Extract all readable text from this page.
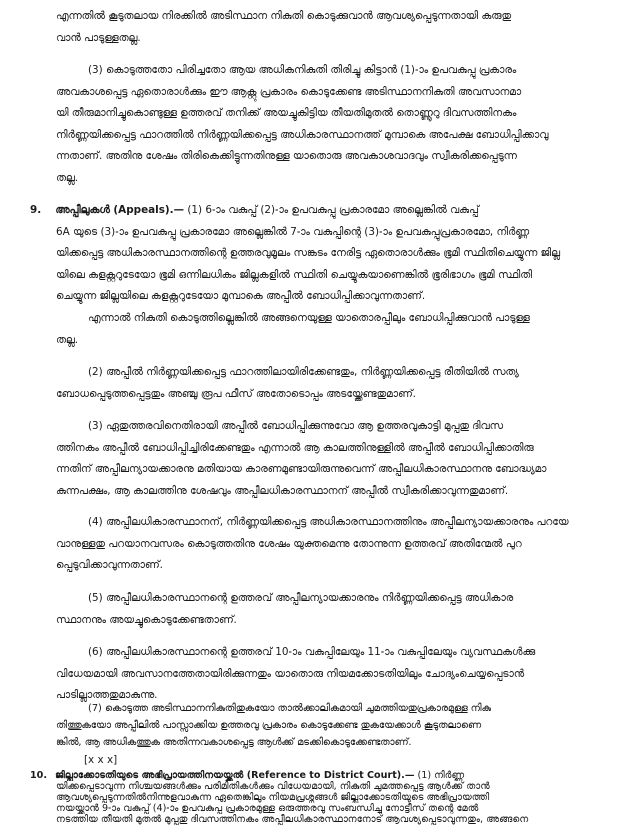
എന്നതിൽ കൂടുതലായ നിരക്കിൽ അടിസ്ഥാന നികുതി കൊടുക്കുവാൻ ആവശ്യപ്പെടുന്നതായി കരുതു
വാൻ പാടുള്ളതല്ല.
(3) കൊടുത്തതോ പിരിച്ചതോ ആയ അധികനികുതി തിരിച്ചു കിട്ടാൻ (1)-ാം ഉപവകുപ്പു പ്രകാരം
അവകാശപ്പെട്ട ഏതൊരാൾക്കും ഈ ആക്റ്റു പ്രകാരം കൊടുക്കേണ്ട അടിസ്ഥാനനികുതി അവസാനമാ
യി തീരുമാനിച്ചുകൊണ്ടുള്ള ഉത്തരവ് തനിക്ക് അയച്ചുകിട്ടിയ തീയതിമുതൽ തൊണ്ണൂറു ദിവസത്തിനകം
നിർണ്ണയിക്കപ്പെട്ട ഫാറത്തിൽ നിർണ്ണയിക്കപ്പെട്ട അധികാരസ്ഥാനത്ത് മുമ്പാകെ അപേക്ഷ ബോധിപ്പിക്കാവു
ന്നതാണ്. അതിനു ശേഷം തിരികെക്കിട്ടുന്നതിനുള്ള യാതൊരു അവകാശവാദവും സ്വീകരിക്കപ്പെടുന്ന
തല്ല.
9. അപ്പീലുകൾ (Appeals).— (1) 6-ാം വകുപ്പ് (2)-ാം ഉപവകുപ്പു പ്രകാരമോ അല്ലെങ്കിൽ വകുപ്പ്
6A യുടെ (3)-ാം ഉപവകുപ്പു പ്രകാരമോ അല്ലെങ്കിൽ 7-ാം വകുപ്പിന്റെ (3)-ാം ഉപവകുപ്പുപ്രകാരമോ, നിർണ്ണ
യിക്കപ്പെട്ട അധികാരസ്ഥാനത്തിന്റെ ഉത്തരവുമൂലം സങ്കടം നേരിട്ട ഏതൊരാൾക്കും ഭൂമി സ്ഥിതിചെയ്യുന്ന ജില്ല
യിലെ കളക്റ്ററുടേയോ ഭൂമി ഒന്നിലധികം ജില്ലകളിൽ സ്ഥിതി ചെയ്യുകയാണെങ്കിൽ ഭൂരിഭാഗം ഭൂമി സ്ഥിതി
ചെയ്യുന്ന ജില്ലയിലെ കളക്റ്ററുടേയോ മുമ്പാകെ അപ്പീൽ ബോധിപ്പിക്കാവുന്നതാണ്.
എന്നാൽ നികുതി കൊടുത്തില്ലെങ്കിൽ അങ്ങനെയുള്ള യാതൊരപ്പീലും ബോധിപ്പിക്കുവാൻ പാടുള്ള
തല്ല.
(2) അപ്പീൽ നിർണ്ണയിക്കപ്പെട്ട ഫാറത്തിലായിരിക്കേണ്ടതും, നിർണ്ണയിക്കപ്പെട്ട രീതിയിൽ സത്യ
ബോധപ്പെടുത്തപ്പെട്ടതും അഞ്ചു രൂപ ഫീസ് അതോടൊപ്പം അടയ്ക്കേണ്ടതുമാണ്.
(3) ഏതുത്തരവിനെതിരായി അപ്പീൽ ബോധിപ്പിക്കുന്നുവോ ആ ഉത്തരവുകാട്ടി മുപ്പതു ദിവസ
ത്തിനകം അപ്പീൽ ബോധിപ്പിച്ചിരിക്കേണ്ടതും എന്നാൽ ആ കാലത്തിനുള്ളിൽ അപ്പീൽ ബോധിപ്പിക്കാതിരു
ന്നതിന് അപ്പീലന്യായക്കാരനു മതിയായ കാരണമുണ്ടായിരുന്നുവെന്ന് അപ്പീലധികാരസ്ഥാനനു ബോദ്ധ്യമാ
കുന്നപക്ഷം, ആ കാലത്തിനു ശേഷവും അപ്പീലധികാരസ്ഥാനന് അപ്പീൽ സ്വീകരിക്കാവുന്നതുമാണ്.
(4) അപ്പീലധികാരസ്ഥാനന്, നിർണ്ണയിക്കപ്പെട്ട അധികാരസ്ഥാനത്തിനും അപ്പീലന്യായക്കാരനും പറയേ
വാനുള്ളതു പറയാനവസരം കൊടുത്തതിനു ശേഷം യുക്തമെന്നു തോന്നുന്ന ഉത്തരവ് അതിന്മേൽ പുറ
പ്പെടുവിക്കാവുന്നതാണ്.
(5) അപ്പീലധികാരസ്ഥാനന്റെ ഉത്തരവ് അപ്പീലന്യായക്കാരനും നിർണ്ണയിക്കപ്പെട്ട അധികാര
സ്ഥാനനും അയച്ചുകൊടുക്കേണ്ടതാണ്.
(6) അപ്പീലധികാരസ്ഥാനന്റെ ഉത്തരവ് 10-ാം വകുപ്പിലേയും 11-ാം വകുപ്പിലേയും വ്യവസ്ഥകൾക്കു
വിധേയമായി അവസാനത്തേതായിരിക്കുന്നതും യാതൊരു നിയമക്കോടതിയിലും ചോദ്യംചെയ്യപ്പെടാൻ
പാടില്ലാത്തതുമാകുന്നു.
(7) കൊടുത്ത അടിസ്ഥാനനികുതിതുകയോ താൽക്കാലികമായി ചുമത്തിയതുപ്രകാരമുള്ള നികു
തിത്തുകയോ അപ്പീലിൽ പാസ്സാക്കിയ ഉത്തരവു പ്രകാരം കൊടുക്കേണ്ട തുകയേക്കാൾ കൂടുതലാണെ
ങ്കിൽ, ആ അധികത്തുക അതിന്നവകാശപ്പെട്ട ആൾക്ക് മടക്കികൊടുക്കേണ്ടതാണ്.
[x x x]
10. ജില്ലാക്കോടതിയുടെ അഭിപ്രായത്തിനയയ്ക്കൽ (Reference to District Court).— (1) നിർണ്ണ
യിക്കപ്പെടാവുന്ന നിശ്ചയങ്ങൾക്കും പരിമിതികൾക്കും വിധേയമായി, നികുതി ചുമത്തപ്പെട്ട ആൾക്ക് താൻ
ആവശ്യപ്പെടുന്നതിൽനിന്നുളവാകുന്ന ഏതെങ്കിലും നിയമപ്രശ്നങ്ങൾ ജില്ലാക്കോടതിയുടെ അഭിപ്രായത്തി
നയയ്ക്കാൻ 9-ാം വകുപ്പ് (4)-ാം ഉപവകുപ്പു പ്രകാരമുള്ള ഒരുത്തരവു സംബന്ധിച്ചു നോട്ടീസ് തന്റെ മേൽ
നടത്തിയ തീയതി മുതൽ മുപ്പതു ദിവസത്തിനകം അപ്പീലധികാരസ്ഥാനനോട് ആവശ്യപ്പെടാവുന്നതും, അങ്ങനെ
